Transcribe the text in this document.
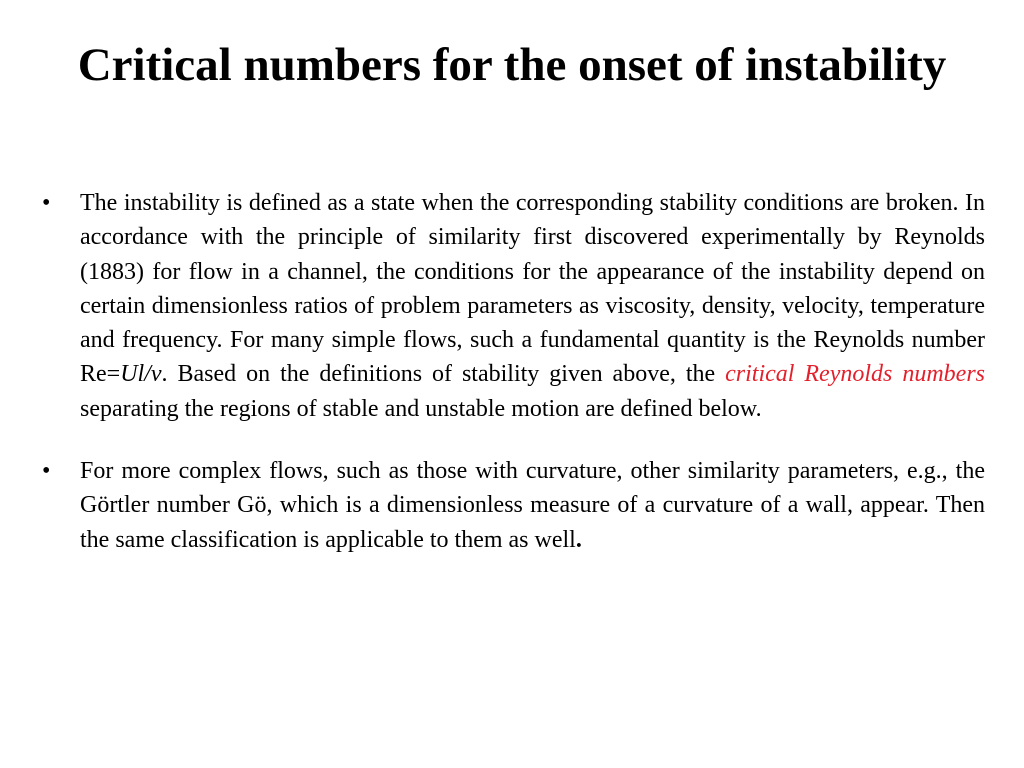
Critical numbers for the onset of instability
• The instability is defined as a state when the corresponding stability conditions are broken. In accordance with the principle of similarity first discovered experimentally by Reynolds (1883) for flow in a channel, the conditions for the appearance of the instability depend on certain dimensionless ratios of problem parameters as viscosity, density, velocity, temperature and frequency. For many simple flows, such a fundamental quantity is the Reynolds number Re=Ul/ν. Based on the definitions of stability given above, the critical Reynolds numbers separating the regions of stable and unstable motion are defined below.
• For more complex flows, such as those with curvature, other similarity parameters, e.g., the Görtler number Gö, which is a dimensionless measure of a curvature of a wall, appear. Then the same classification is applicable to them as well.
